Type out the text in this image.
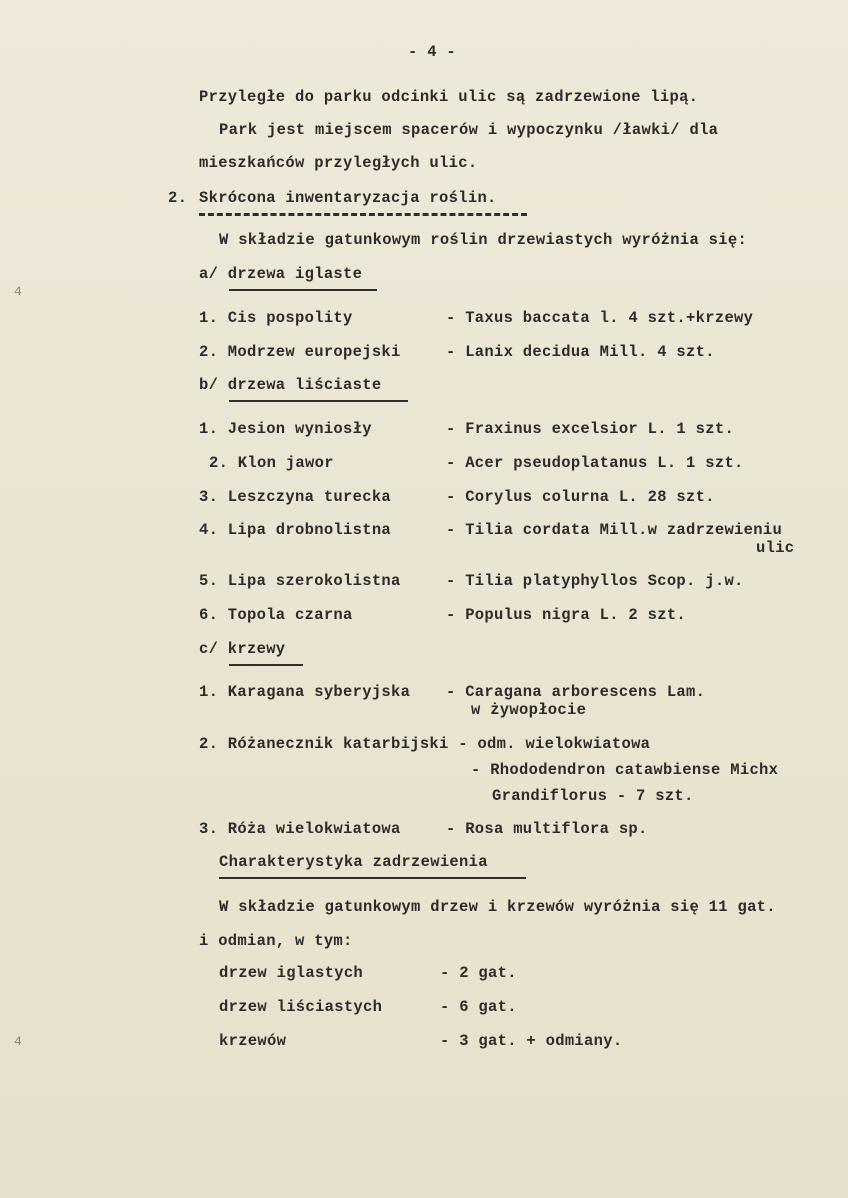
- 4 -
4
4
Przyległe do parku odcinki ulic są zadrzewione lipą.
Park jest miejscem spacerów i wypoczynku /ławki/ dla
mieszkańców przyległych ulic.
2. Skrócona inwentaryzacja roślin.
W składzie gatunkowym roślin drzewiastych wyróżnia się:
a/ drzewa iglaste
1. Cis pospolity	- Taxus baccata l. 4 szt.+krzewy
2. Modrzew europejski	- Lanix decidua Mill. 4 szt.
b/ drzewa liściaste
1. Jesion wyniosły	- Fraxinus excelsior L. 1 szt.
2. Klon jawor	- Acer pseudoplatanus L. 1 szt.
3. Leszczyna turecka	- Corylus colurna L. 28 szt.
4. Lipa drobnolistna	- Tilia cordata Mill.w zadrzewieniu
ulic
5. Lipa szerokolistna	- Tilia platyphyllos Scop. j.w.
6. Topola czarna	- Populus nigra L. 2 szt.
c/ krzewy
1. Karagana syberyjska - Caragana arborescens Lam.
w żywopłocie
2. Różanecznik katarbijski - odm. wielokwiatowa
- Rhododendron catawbiense Michx
Grandiflorus - 7 szt.
3. Róża wielokwiatowa	- Rosa multiflora sp.
Charakterystyka zadrzewienia
W składzie gatunkowym drzew i krzewów wyróżnia się 11 gat.
i odmian, w tym:
drzew iglastych	- 2 gat.
drzew liściastych	- 6 gat.
krzewów	- 3 gat. + odmiany.
